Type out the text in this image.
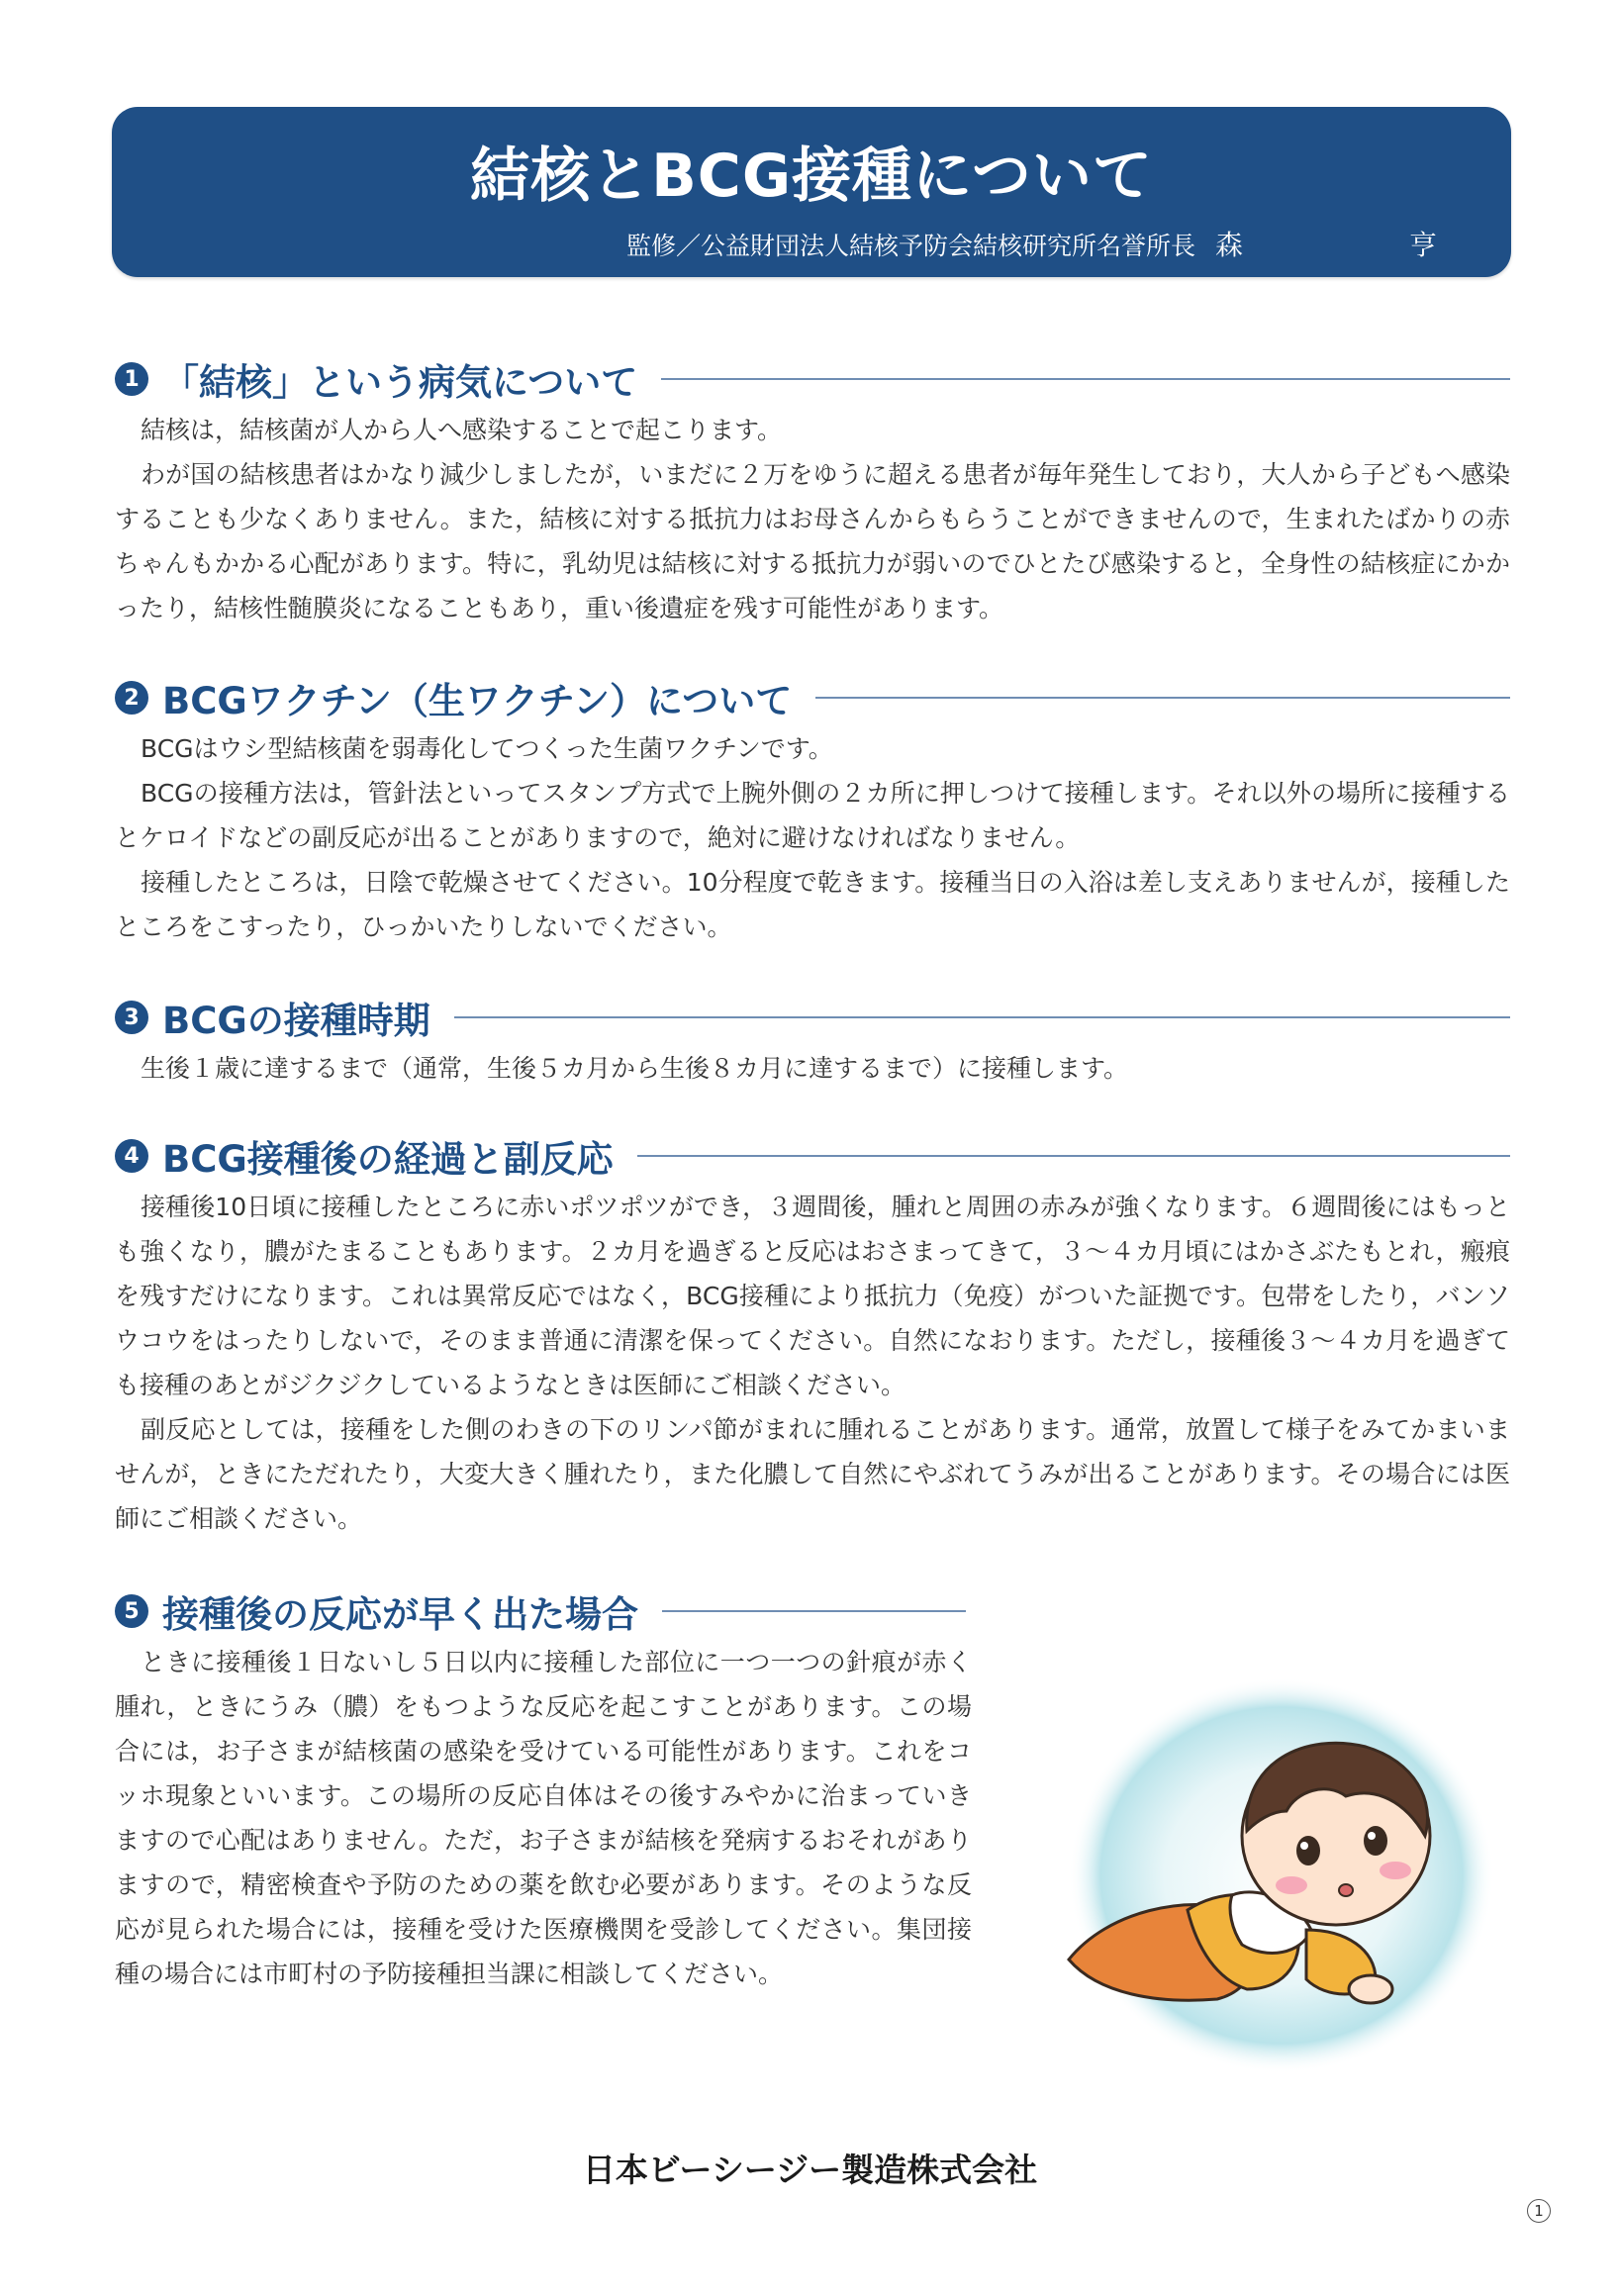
結核とBCG接種について
監修／公益財団法人結核予防会結核研究所名誉所長 森　亨
1 「結核」という病気について
結核は，結核菌が人から人へ感染することで起こります。
わが国の結核患者はかなり減少しましたが，いまだに２万をゆうに超える患者が毎年発生しており，大人から子どもへ感染することも少なくありません。また，結核に対する抵抗力はお母さんからもらうことができませんので，生まれたばかりの赤ちゃんもかかる心配があります。特に，乳幼児は結核に対する抵抗力が弱いのでひとたび感染すると，全身性の結核症にかかったり，結核性髄膜炎になることもあり，重い後遺症を残す可能性があります。
2 BCGワクチン（生ワクチン）について
BCGはウシ型結核菌を弱毒化してつくった生菌ワクチンです。
BCGの接種方法は，管針法といってスタンプ方式で上腕外側の２カ所に押しつけて接種します。それ以外の場所に接種するとケロイドなどの副反応が出ることがありますので，絶対に避けなければなりません。
接種したところは，日陰で乾燥させてください。10分程度で乾きます。接種当日の入浴は差し支えありませんが，接種したところをこすったり，ひっかいたりしないでください。
3 BCGの接種時期
生後１歳に達するまで（通常，生後５カ月から生後８カ月に達するまで）に接種します。
4 BCG接種後の経過と副反応
接種後10日頃に接種したところに赤いポツポツができ，３週間後，腫れと周囲の赤みが強くなります。６週間後にはもっとも強くなり，膿がたまることもあります。２カ月を過ぎると反応はおさまってきて，３〜４カ月頃にはかさぶたもとれ，瘢痕を残すだけになります。これは異常反応ではなく，BCG接種により抵抗力（免疫）がついた証拠です。包帯をしたり，バンソウコウをはったりしないで，そのまま普通に清潔を保ってください。自然になおります。ただし，接種後３〜４カ月を過ぎても接種のあとがジクジクしているようなときは医師にご相談ください。
副反応としては，接種をした側のわきの下のリンパ節がまれに腫れることがあります。通常，放置して様子をみてかまいませんが，ときにただれたり，大変大きく腫れたり，また化膿して自然にやぶれてうみが出ることがあります。その場合には医師にご相談ください。
5 接種後の反応が早く出た場合
ときに接種後１日ないし５日以内に接種した部位に一つ一つの針痕が赤く腫れ，ときにうみ（膿）をもつような反応を起こすことがあります。この場合には，お子さまが結核菌の感染を受けている可能性があります。これをコッホ現象といいます。この場所の反応自体はその後すみやかに治まっていきますので心配はありません。ただ，お子さまが結核を発病するおそれがありますので，精密検査や予防のための薬を飲む必要があります。そのような反応が見られた場合には，接種を受けた医療機関を受診してください。集団接種の場合には市町村の予防接種担当課に相談してください。
日本ビーシージー製造株式会社
1
